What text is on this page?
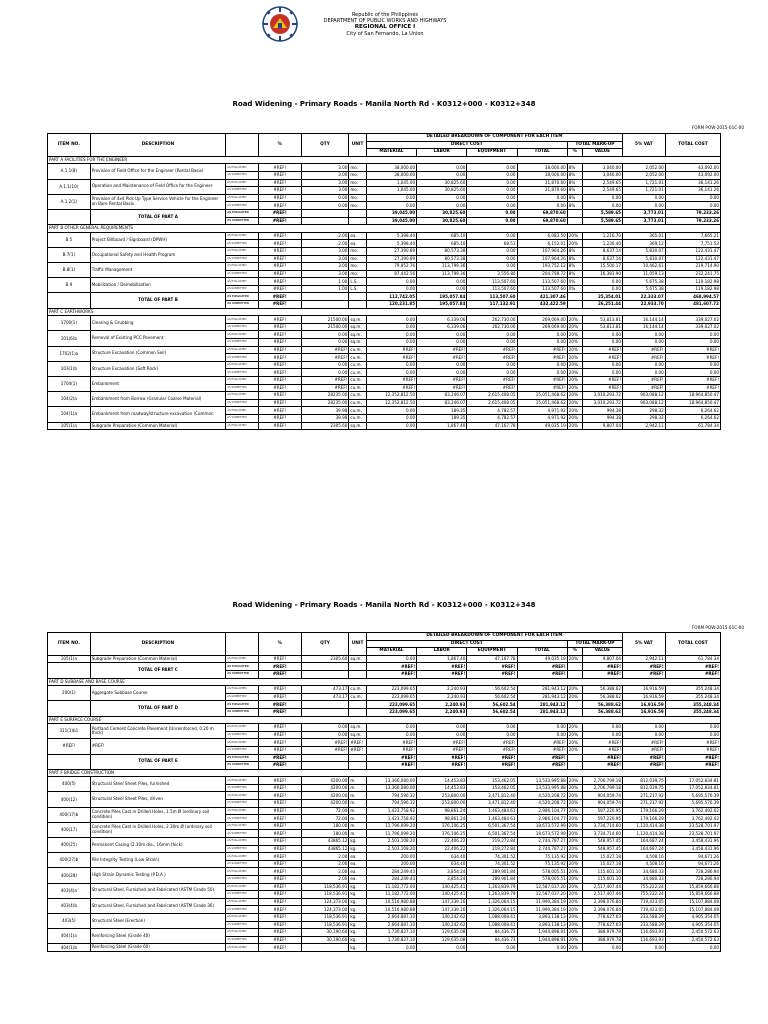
Republic of the Philippines
DEPARTMENT OF PUBLIC WORKS AND HIGHWAYS
REGIONAL OFFICE I
City of San Fernando, La Union
Road Widening - Primary Roads - Manila North Rd - K0312+000 - K0312+348
FORM POW-2015-01C-00
ITEM NO.	DESCRIPTION		%	QTY	UNIT	DETAILED BREAKDOWN OF COMPONENT FOR EACH ITEM						5% VAT	TOTAL COST
						DIRECT COST				TOTAL MARK-UP			
						MATERIAL	LABOR	EQUIPMENT	TOTAL	%	VALUE		
PART A FACILITIES FOR THE ENGINEER													
A.1.1(8)	Provision of Field Office for the Engineer (Rental Basis)	AS EVALUATED	#REF!	3.00	mo.	38,000.00	0.00	0.00	38,000.00	8%	3,040.00	2,052.00	43,092.00
		AS SUBMITTED	#REF!	3.00	mo.	38,000.00	0.00	0.00	38,000.00	8%	3,040.00	2,052.00	43,092.00
A.1.1(10)	Operation and Maintenance of Field Office for the Engineer	AS EVALUATED	#REF!	3.00	mo.	1,045.00	30,825.60	0.00	31,870.60	8%	2,549.65	1,721.01	36,141.26
		AS SUBMITTED	#REF!	3.00	mo.	1,045.00	30,825.60	0.00	31,870.60	8%	2,549.65	1,721.01	36,141.26
A.1.2(1)	Provision of 4x4 Pick Up Type Service Vehicle for the Engineer on Bare Rental Basis	AS EVALUATED	#REF!	0.00	mo.	0.00	0.00	0.00	0.00	8%	0.00	0.00	0.00
		AS SUBMITTED	#REF!	0.00	mo.	0.00	0.00	0.00	0.00	8%	0.00	0.00	0.00
	TOTAL OF PART A	AS EVALUATED	#REF!			39,045.00	30,825.60	0.00	69,870.60		5,589.65	3,773.01	79,233.26
		AS SUBMITTED	#REF!			39,045.00	30,825.60	0.00	69,870.60		5,589.65	3,773.01	79,233.26
PART B OTHER GENERAL REQUIREMENTS													
B.5	Project Billboard / Signboard (DPWH)	AS EVALUATED	#REF!	2.00	ea.	5,398.40	685.10	0.00	6,083.50	20%	1,216.70	365.01	7,665.21
		AS SUBMITTED	#REF!	2.00	ea.	5,398.40	685.10	68.51	6,152.01	20%	1,230.40	369.12	7,751.53
B.7(1)	Occupational Safety and Health Program	AS EVALUATED	#REF!	3.00	mo.	27,390.89	80,573.38	0.00	107,964.26	8%	8,637.14	5,830.07	122,431.47
		AS SUBMITTED	#REF!	3.00	mo.	27,390.89	80,573.38	0.00	107,964.26	8%	8,637.14	5,830.07	122,431.47
B.8(1)	Traffic Management	AS EVALUATED	#REF!	3.00	mo.	79,952.76	113,799.36	0.00	193,752.12	8%	15,500.17	10,462.61	219,714.90
		AS SUBMITTED	#REF!	3.00	mo.	87,442.56	113,799.36	3,556.80	204,798.72	8%	16,383.90	11,059.13	232,241.75
B.9	Mobilization / Demobilization	AS EVALUATED	#REF!	1.00	L.S.	0.00	0.00	113,507.60	113,507.60	0%	0.00	5,675.38	119,182.98
		AS SUBMITTED	#REF!	1.00	L.S.	0.00	0.00	113,507.60	113,507.60	0%	0.00	5,675.38	119,182.98
	TOTAL OF PART B	AS EVALUATED	#REF!			112,742.05	195,057.84	113,507.60	421,307.46		25,354.01	22,333.07	468,994.57
		AS SUBMITTED	#REF!			120,231.85	195,057.84	117,132.91	432,422.59		26,251.44	22,933.70	481,607.72
PART C EARTHWORKS													
1700(1)	Clearing & Grubbing	AS EVALUATED	#REF!	21500.00	sq.m.	0.00	6,339.06	262,730.00	269,069.00	20%	53,813.81	16,144.14	339,027.02
		AS SUBMITTED	#REF!	21500.00	sq.m.	0.00	6,339.06	262,730.00	269,069.00	20%	53,813.81	16,144.14	339,027.02
101(6)b	Removal of Existing PCC Pavement	AS EVALUATED	#REF!	0.00	sq.m.	0.00	0.00	0.00	0.00	20%	0.00	0.00	0.00
		AS SUBMITTED	#REF!	0.00	sq.m.	0.00	0.00	0.00	0.00	20%	0.00	0.00	0.00
1702(1)a	Structure Excavation (Common Soil)	AS EVALUATED	#REF!	#REF!	cu.m.	#REF!	#REF!	#REF!	#REF!	20%	#REF!	#REF!	#REF!
		AS SUBMITTED	#REF!	#REF!	cu.m.	#REF!	#REF!	#REF!	#REF!	20%	#REF!	#REF!	#REF!
103(1)b	Structure Excavation (Soft Rock)	AS EVALUATED	#REF!	0.00	cu.m.	0.00	0.00	0.00	0.00	20%	0.00	0.00	0.00
		AS SUBMITTED	#REF!	0.00	cu.m.	0.00	0.00	0.00	0.00	20%	0.00	0.00	0.00
1704(1)	Embankment	AS EVALUATED	#REF!	#REF!	cu.m.	#REF!	#REF!	#REF!	#REF!	20%	#REF!	#REF!	#REF!
		AS SUBMITTED	#REF!	#REF!	cu.m.	#REF!	#REF!	#REF!	#REF!	20%	#REF!	#REF!	#REF!
104(2)a	Embankment from Borrow (Granular Coarse Material)	AS EVALUATED	#REF!	28235.00	cu.m.	12,352,812.50	83,246.07	2,615,408.05	15,051,468.62	20%	3,010,293.72	903,088.12	18,964,850.47
		AS SUBMITTED	#REF!	28235.00	cu.m.	12,352,812.50	83,246.07	2,615,408.05	15,051,468.62	20%	3,010,293.72	903,088.12	18,964,850.47
104(1)a	Embankment from roadway/structure excavation (Common	AS EVALUATED	#REF!	39.98	cu.m.	0.00	189.35	4,782.57	4,971.92	20%	994.38	298.32	6,264.62
		AS SUBMITTED	#REF!	39.98	cu.m.	0.00	189.35	4,782.57	4,971.92	20%	994.38	298.32	6,264.62
105(1)a	Subgrade Preparation (Common Material)	AS EVALUATED	#REF!	2305.60	sq.m.	0.00	1,867.40	47,167.78	49,035.19	20%	9,807.04	2,942.11	61,784.34
Road Widening - Primary Roads - Manila North Rd - K0312+000 - K0312+348
FORM POW-2015-01C-00
ITEM NO.	DESCRIPTION		%	QTY	UNIT	DETAILED BREAKDOWN OF COMPONENT FOR EACH ITEM						5% VAT	TOTAL COST
						DIRECT COST				TOTAL MARK-UP			
						MATERIAL	LABOR	EQUIPMENT	TOTAL	%	VALUE		
105(1)a	Subgrade Preparation (Common Material)	AS EVALUATED	#REF!	2305.60	sq.m.	0.00	1,867.40	47,167.78	49,035.19	20%	9,807.04	2,942.11	61,784.34
	TOTAL OF PART C	AS EVALUATED	#REF!			#REF!	#REF!	#REF!	#REF!		#REF!	#REF!	#REF!
		AS SUBMITTED	#REF!			#REF!	#REF!	#REF!	#REF!		#REF!	#REF!	#REF!
PART D SUBBASE AND BASE COURSE													
200(1)	Aggregate Subbase Course	AS EVALUATED	#REF!	473.17	cu.m.	223,099.65	2,240.93	56,602.54	281,943.12	20%	56,388.62	16,916.59	355,248.34
		AS SUBMITTED	#REF!	473.17	cu.m.	223,099.65	2,240.93	56,602.54	281,943.12	20%	56,388.62	16,916.59	355,248.34
	TOTAL OF PART D	AS EVALUATED	#REF!			223,099.65	2,240.93	56,602.54	281,943.12		56,388.62	16,916.59	355,248.34
		AS SUBMITTED	#REF!			223,099.65	2,240.93	56,602.54	281,943.12		56,388.62	16,916.59	355,248.34
PART E SURFACE COURSE													
311(1)b1	Portland Cement Concrete Pavement (Unreinforced, 0.20 m thick)	AS EVALUATED	#REF!	0.00	sq.m.	0.00	0.00	0.00	0.00	20%	0.00	0.00	0.00
		AS SUBMITTED	#REF!	0.00	sq.m.	0.00	0.00	0.00	0.00	20%	0.00	0.00	0.00
#REF!	#REF!	AS EVALUATED	#REF!	#REF!	#REF!	#REF!	#REF!	#REF!	#REF!	20%	#REF!	#REF!	#REF!
		AS SUBMITTED	#REF!	#REF!	#REF!	#REF!	#REF!	#REF!	#REF!	20%	#REF!	#REF!	#REF!
	TOTAL OF PART E	AS EVALUATED	#REF!			#REF!	#REF!	#REF!	#REF!		#REF!	#REF!	#REF!
		AS SUBMITTED	#REF!			#REF!	#REF!	#REF!	#REF!		#REF!	#REF!	#REF!
PART F BRIDGE CONSTRUCTION													
400(5)	Structural Steel Sheet Piles, furnished	AS EVALUATED	#REF!	4200.00	m.	13,366,080.00	14,453.83	153,462.05	13,533,995.88	20%	2,706,799.18	812,039.75	17,052,834.81
		AS SUBMITTED	#REF!	4200.00	m.	13,366,080.00	14,453.83	153,462.05	13,533,995.88	20%	2,706,799.18	812,039.75	17,052,834.81
400(12)	Structural Steel Sheet Piles, driven	AS EVALUATED	#REF!	4200.00	m.	794,596.32	253,800.00	3,471,812.40	4,520,208.72	20%	904,059.74	271,217.92	5,695,576.39
		AS SUBMITTED	#REF!	4200.00	m.	794,596.32	253,800.00	3,471,812.40	4,520,208.72	20%	904,059.74	271,217.92	5,695,576.39
400(17)b	Concrete Piles Cast in Drilled Holes, 1.5m Ø (ordinary soil condition)	AS EVALUATED	#REF!	72.00	m.	1,423,758.92	98,861.24	1,463,484.61	2,986,104.77	20%	597,220.95	179,166.29	3,762,492.02
		AS SUBMITTED	#REF!	72.00	m.	1,423,758.92	98,861.24	1,463,484.61	2,986,104.77	20%	597,220.95	179,166.29	3,762,492.02
400(17)	Concrete Piles Cast in Drilled Holes, 2.30m Ø (ordinary soil condition)	AS EVALUATED	#REF!	180.00	m.	11,796,099.20	376,106.25	6,501,367.54	18,673,572.99	20%	3,734,714.60	1,120,414.38	23,528,701.97
		AS SUBMITTED	#REF!	180.00	m.	11,796,099.20	376,106.25	6,501,367.54	18,673,572.99	20%	3,734,714.60	1,120,414.38	23,528,701.97
400(25)	Permanent Casing (2.30m dia., 16mm thick)	AS EVALUATED	#REF!	43865.12	kg.	2,503,108.20	22,406.22	219,272.84	2,744,787.27	20%	548,957.45	164,687.24	3,458,431.96
		AS SUBMITTED	#REF!	43865.12	kg.	2,503,108.20	22,406.22	219,272.84	2,744,787.27	20%	548,957.45	164,687.24	3,458,431.96
400(27)b	Pile Integrity Testing (Low Strain)	AS EVALUATED	#REF!	2.00	ea.	200.00	634.40	74,301.52	75,135.92	20%	15,027.18	4,508.16	94,671.26
		AS SUBMITTED	#REF!	2.00	ea.	200.00	634.40	74,301.52	75,135.92	20%	15,027.18	4,508.16	94,671.26
400(28)	High Strain Dynamic Testing (P.D.A.)	AS EVALUATED	#REF!	2.00	ea.	284,249.43	3,854.24	289,901.84	578,005.51	20%	115,601.10	34,680.33	728,286.94
		AS SUBMITTED	#REF!	2.00	ea.	284,249.43	3,854.24	289,901.84	578,005.51	20%	115,601.10	34,680.33	728,286.94
403(4)a	Structural Steel, Furnished and Fabricated (ASTM Grade 50)	AS EVALUATED	#REF!	118,536.91	kg.	11,182,772.00	140,425.41	1,263,839.79	12,587,037.20	20%	2,517,407.44	755,222.24	15,859,666.88
		AS SUBMITTED	#REF!	118,536.91	kg.	11,182,772.00	140,425.41	1,263,839.79	12,587,037.20	20%	2,517,407.44	755,222.24	15,859,666.88
403(4)b	Structural Steel, Furnished and Fabricated (ASTM Grade 36)	AS EVALUATED	#REF!	124,373.00	kg.	10,516,980.88	147,339.16	1,326,064.15	11,990,384.19	20%	2,398,076.84	719,423.05	15,107,884.08
		AS SUBMITTED	#REF!	124,373.00	kg.	10,516,980.88	147,339.16	1,326,064.15	11,990,384.19	20%	2,398,076.84	719,423.05	15,107,884.08
403(5)	Structural Steel (Erection)	AS EVALUATED	#REF!	118,536.91	kg.	2,664,887.10	140,242.62	1,088,008.41	3,893,138.13	20%	778,627.63	233,588.29	4,905,354.05
		AS SUBMITTED	#REF!	118,536.91	kg.	2,664,887.10	140,242.62	1,088,008.41	3,893,138.13	20%	778,627.63	233,588.29	4,905,354.05
404(1)a	Reinforcing Steel (Grade 40)	AS EVALUATED	#REF!	30,190.60	kg.	1,730,827.10	129,635.08	84,436.73	1,944,898.91	20%	388,979.78	116,693.93	2,450,572.63
		AS SUBMITTED	#REF!	30,190.60	kg.	1,730,827.10	129,635.08	84,436.73	1,944,898.91	20%	388,979.78	116,693.93	2,450,572.63
404(1)b	Reinforcing Steel (Grade 60)	AS EVALUATED	#REF!		kg.	0.00	0.00	0.00	0.00	20%	0.00	0.00	0.00
